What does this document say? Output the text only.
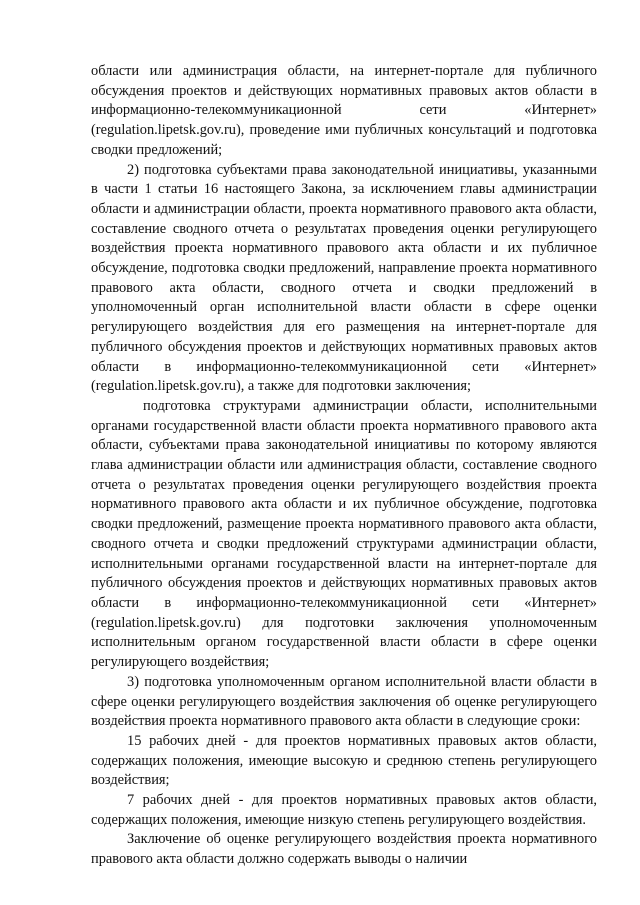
области или администрация области, на интернет-портале для публичного обсуждения проектов и действующих нормативных правовых актов области в информационно-телекоммуникационной сети «Интернет» (regulation.lipetsk.gov.ru), проведение ими публичных консультаций и подготовка сводки предложений;

2) подготовка субъектами права законодательной инициативы, указанными в части 1 статьи 16 настоящего Закона, за исключением главы администрации области и администрации области, проекта нормативного правового акта области, составление сводного отчета о результатах проведения оценки регулирующего воздействия проекта нормативного правового акта области и их публичное обсуждение, подготовка сводки предложений, направление проекта нормативного правового акта области, сводного отчета и сводки предложений в уполномоченный орган исполнительной власти области в сфере оценки регулирующего воздействия для его размещения на интернет-портале для публичного обсуждения проектов и действующих нормативных правовых актов области в информационно-телекоммуникационной сети «Интернет» (regulation.lipetsk.gov.ru), а также для подготовки заключения;

подготовка структурами администрации области, исполнительными органами государственной власти области проекта нормативного правового акта области, субъектами права законодательной инициативы по которому являются глава администрации области или администрация области, составление сводного отчета о результатах проведения оценки регулирующего воздействия проекта нормативного правового акта области и их публичное обсуждение, подготовка сводки предложений, размещение проекта нормативного правового акта области, сводного отчета и сводки предложений структурами администрации области, исполнительными органами государственной власти на интернет-портале для публичного обсуждения проектов и действующих нормативных правовых актов области в информационно-телекоммуникационной сети «Интернет» (regulation.lipetsk.gov.ru) для подготовки заключения уполномоченным исполнительным органом государственной власти области в сфере оценки регулирующего воздействия;

3) подготовка уполномоченным органом исполнительной власти области в сфере оценки регулирующего воздействия заключения об оценке регулирующего воздействия проекта нормативного правового акта области в следующие сроки:

15 рабочих дней - для проектов нормативных правовых актов области, содержащих положения, имеющие высокую и среднюю степень регулирующего воздействия;

7 рабочих дней - для проектов нормативных правовых актов области, содержащих положения, имеющие низкую степень регулирующего воздействия.

Заключение об оценке регулирующего воздействия проекта нормативного правового акта области должно содержать выводы о наличии
